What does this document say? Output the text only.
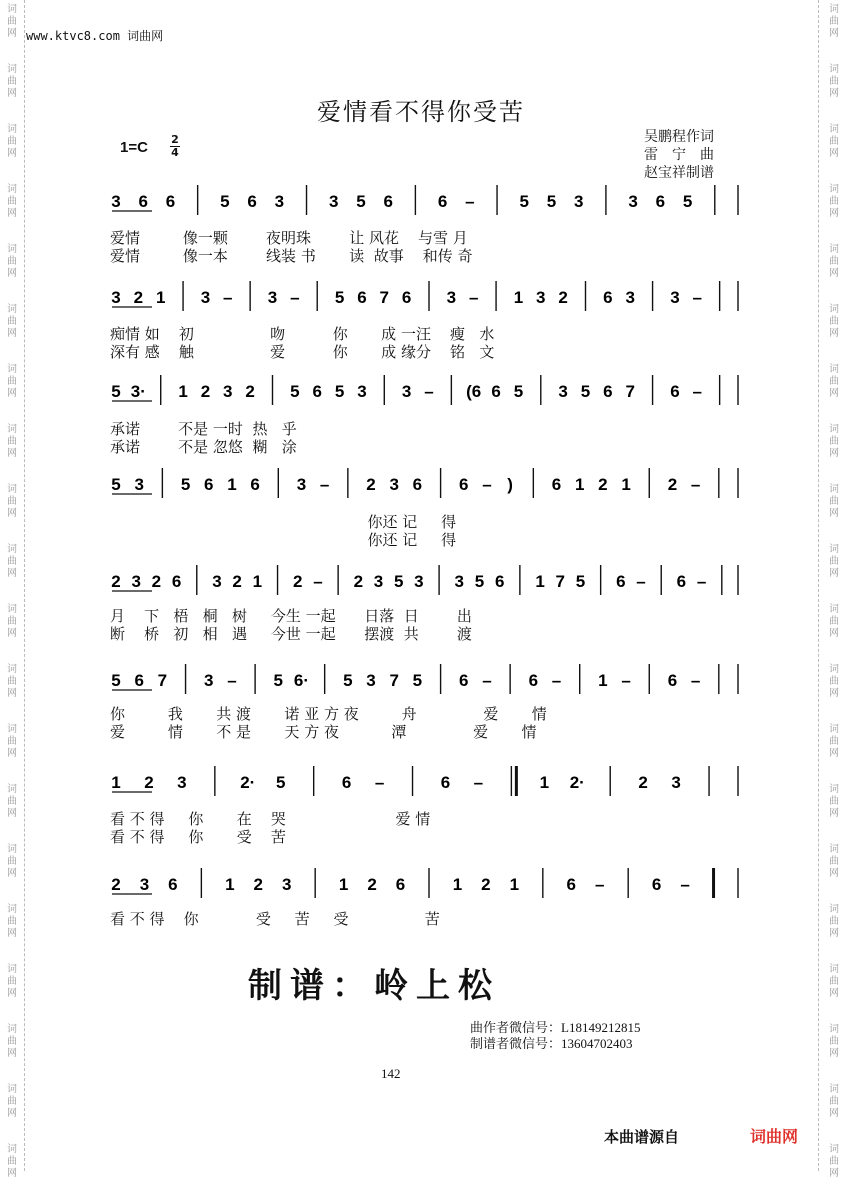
词
曲
网
词
曲
网
词
曲
网
词
曲
网
词
曲
网
词
曲
网
词
曲
网
词
曲
网
词
曲
网
词
曲
网
词
曲
网
词
曲
网
词
曲
网
词
曲
网
词
曲
网
词
曲
网
词
曲
网
词
曲
网
词
曲
网
词
曲
网
词
曲
网
词
曲
网
词
曲
网
词
曲
网
词
曲
网
词
曲
网
词
曲
网
词
曲
网
词
曲
网
词
曲
网
词
曲
网
词
曲
网
词
曲
网
词
曲
网
词
曲
网
词
曲
网
词
曲
网
词
曲
网
词
曲
网
词
曲
网
www.ktvc8.com 词曲网
爱情看不得你受苦
吴鹏程作词
雷　宁　曲
赵宝祥制谱
1=C 2
4
3 6 6	5 6 3	3 5 6	6 –	5 5 3	3 6 5
3 2 1 3 – 3 – 5 6 7 6 3 – 1 3 2 6 3 3 –
5 3· 1 2 3 2 5 6 5 3 3 – (6 6 5 3 5 6 7 6 –
5 3 5 6 1 6 3 – 2 3 6 6 – ) 6 1 2 1 2 –
2 3 2 6 3 2 1 2 – 2 3 5 3 3 5 6 1 7 5 6 – 6 –
5 6 7 3 – 5 6· 5 3 7 5 6 – 6 – 1 – 6 –
1 2 3	2· 5	6 –	6 –	1 2·	2 3
2 3 6	1 2 3	1 2 6	1 2 1	6 –	6 –
爱情         像一颗        夜明珠        让 风花    与雪 月
爱情         像一本        线装 书       读  故事    和传 奇
痴情 如    初                吻          你       成 一汪    瘦   水
深有 感    触                爱          你       成 缘分    铭   文
承诺        不是 一时  热   乎
承诺        不是 忽悠  糊   涂
你还 记     得
你还 记     得
月    下   梧   桐   树     今生 一起      日落  日        出
断    桥   初   相   遇     今世 一起      摆渡  共        渡
你         我       共 渡       诺 亚 方 夜         舟              爱       情
爱         情       不 是       天 方 夜           潭              爱       情
看 不 得     你       在    哭                       爱 情
看 不 得     你       受    苦
看 不 得    你            受     苦     受                苦
制谱：岭上松
曲作者微信号：L18149212815
制谱者微信号：13604702403
142
本曲谱源自	词曲网
